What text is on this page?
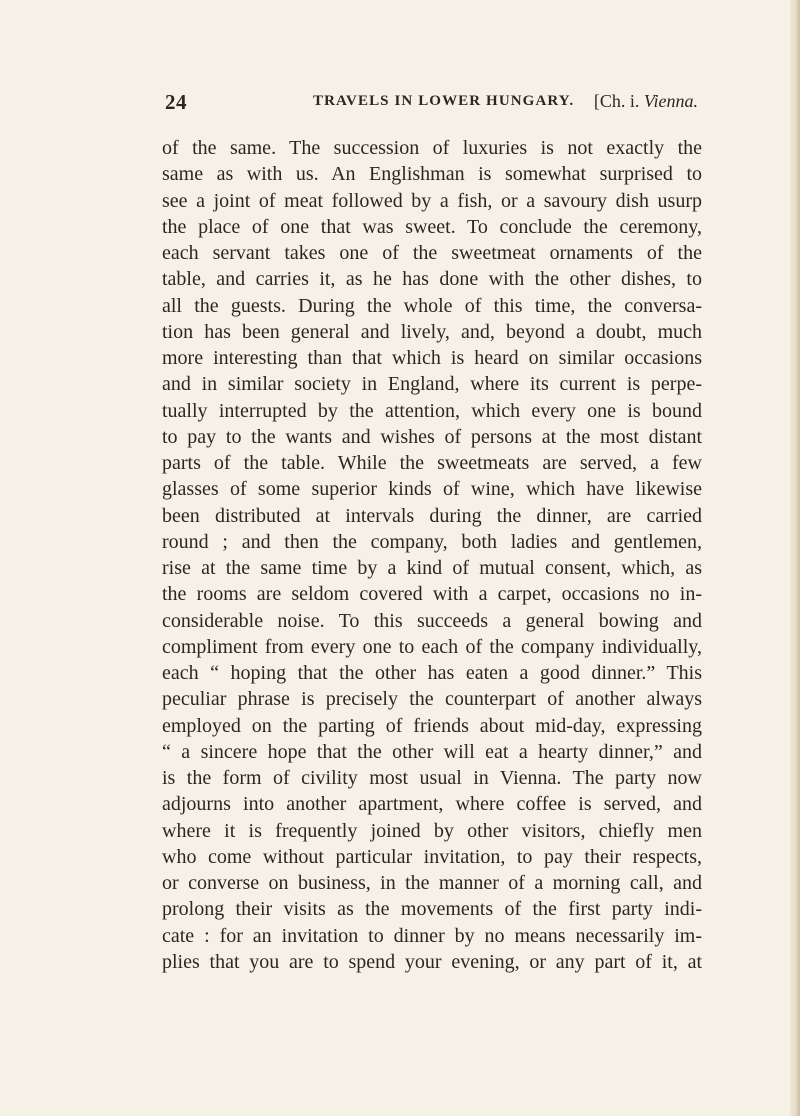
24	TRAVELS IN LOWER HUNGARY. [Ch. i. Vienna.
of the same. The succession of luxuries is not exactly the
same as with us. An Englishman is somewhat surprised to
see a joint of meat followed by a fish, or a savoury dish usurp
the place of one that was sweet. To conclude the ceremony,
each servant takes one of the sweetmeat ornaments of the
table, and carries it, as he has done with the other dishes, to
all the guests. During the whole of this time, the conversa-
tion has been general and lively, and, beyond a doubt, much
more interesting than that which is heard on similar occasions
and in similar society in England, where its current is perpe-
tually interrupted by the attention, which every one is bound
to pay to the wants and wishes of persons at the most distant
parts of the table. While the sweetmeats are served, a few
glasses of some superior kinds of wine, which have likewise
been distributed at intervals during the dinner, are carried
round ; and then the company, both ladies and gentlemen,
rise at the same time by a kind of mutual consent, which, as
the rooms are seldom covered with a carpet, occasions no in-
considerable noise. To this succeeds a general bowing and
compliment from every one to each of the company individually,
each “ hoping that the other has eaten a good dinner.” This
peculiar phrase is precisely the counterpart of another always
employed on the parting of friends about mid-day, expressing
“ a sincere hope that the other will eat a hearty dinner,” and
is the form of civility most usual in Vienna. The party now
adjourns into another apartment, where coffee is served, and
where it is frequently joined by other visitors, chiefly men
who come without particular invitation, to pay their respects,
or converse on business, in the manner of a morning call, and
prolong their visits as the movements of the first party indi-
cate : for an invitation to dinner by no means necessarily im-
plies that you are to spend your evening, or any part of it, at
